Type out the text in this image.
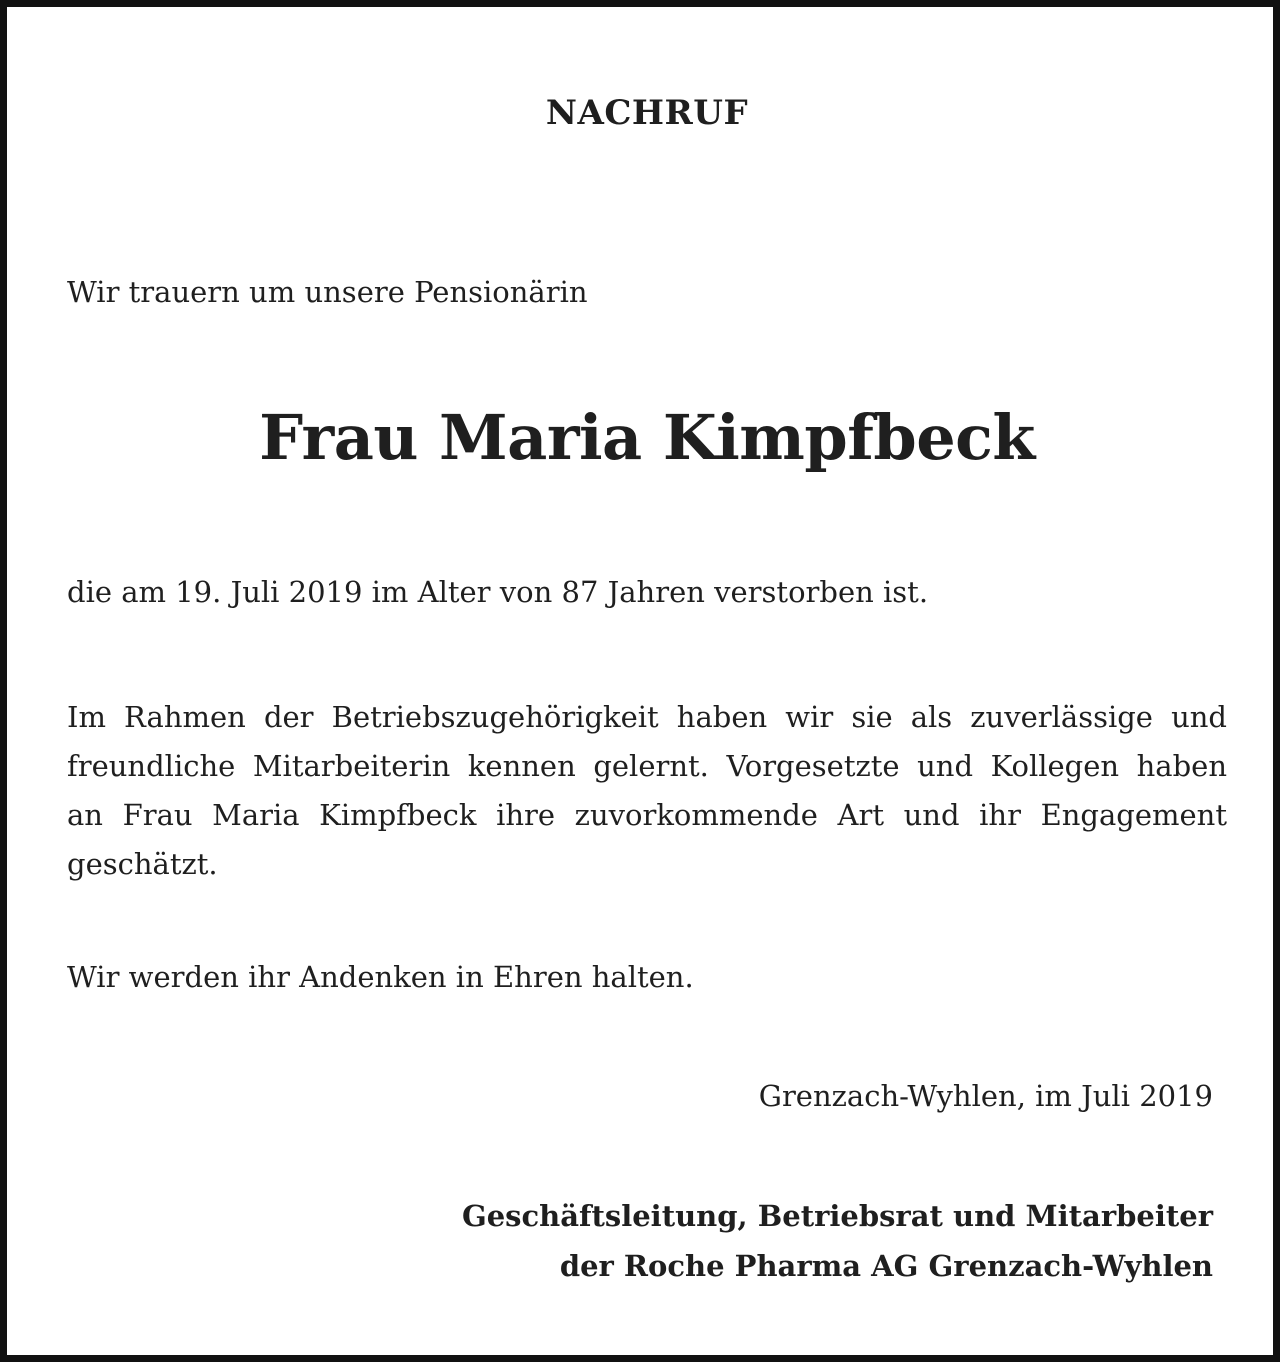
NACHRUF
Wir trauern um unsere Pensionärin
Frau Maria Kimpfbeck
die am 19. Juli 2019 im Alter von 87 Jahren verstorben ist.
Im Rahmen der Betriebszugehörigkeit haben wir sie als zuverlässige und
freundliche Mitarbeiterin kennen gelernt. Vorgesetzte und Kollegen haben
an Frau Maria Kimpfbeck ihre zuvorkommende Art und ihr Engagement
geschätzt.
Wir werden ihr Andenken in Ehren halten.
Grenzach-Wyhlen, im Juli 2019
Geschäftsleitung, Betriebsrat und Mitarbeiter
der Roche Pharma AG Grenzach-Wyhlen
